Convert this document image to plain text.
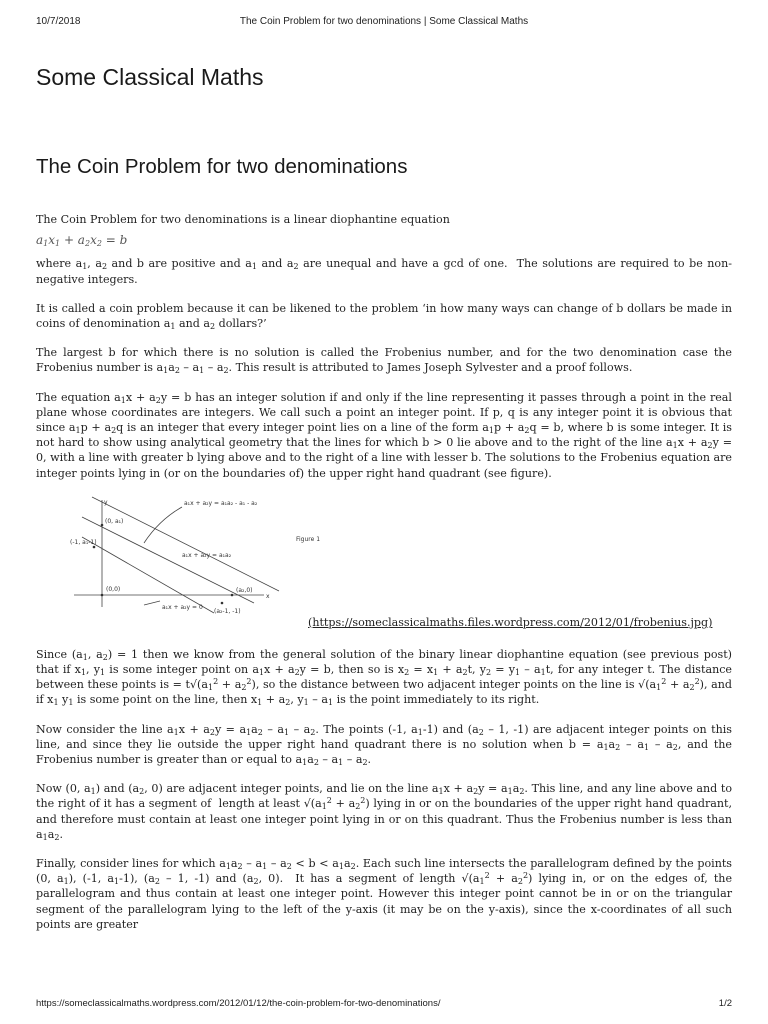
10/7/2018	The Coin Problem for two denominations | Some Classical Maths
Some Classical Maths
The Coin Problem for two denominations

The Coin Problem for two denominations is a linear diophantine equation

$a_1x_1 + a_2x_2 = b$

where $a_1$, $a_2$ and b are positive and $a_1$ and $a_2$ are unequal and have a gcd of one.  The solutions are required to be non-negative integers.

It is called a coin problem because it can be likened to the problem ‘in how many ways can change of b dollars be made in coins of denomination $a_1$ and $a_2$ dollars?’

The largest b for which there is no solution is called the Frobenius number, and for the two denomination case the Frobenius number is $a_1a_2 - a_1 - a_2$. This result is attributed to James Joseph Sylvester and a proof follows.

The equation $a_1x + a_2y = b$ has an integer solution if and only if the line representing it passes through a point in the real plane whose coordinates are integers. We call such a point an integer point. If p, q is any integer point it is obvious that since $a_1p + a_2q$ is an integer that every integer point lies on a line of the form $a_1p + a_2q = b$, where b is some integer. It is not hard to show using analytical geometry that the lines for which b > 0 lie above and to the right of the line $a_1x + a_2y = 0$, with a line with greater b lying above and to the right of a line with lesser b. The solutions to the Frobenius equation are integer points lying in (or on the boundaries of) the upper right hand quadrant (see figure).

y
x
a₁x + a₂y = a₁a₂ - a₁ - a₂
a₁x + a₂y = a₁a₂
a₁x + a₂y = 0
(0, a₁)
(-1, a₁-1)
(0,0)	(a₂,0)
(a₂-1, -1)
Figure 1
(https://someclassicalmaths.files.wordpress.com/2012/01/frobenius.jpg)

Since ($a_1$, $a_2) = 1$ then we know from the general solution of the binary linear diophantine equation (see previous post) that if $x_1$, $y_1$ is some integer point on $a_1x + a_2y = b$, then so is $x_2 = x_1 + a_2t$, $y_2 = y_1 - a_1t$, for any integer t. The distance between these points is = $t√(a_1^2 + a_2^2)$, so the distance between two adjacent integer points on the line is $√(a_1^2 + a_2^2)$, and if $x_1$ $y_1$ is some point on the line, then $x_1 + a_2$, $y_1 - a_1$ is the point immediately to its right.

Now consider the line $a_1x + a_2y = a_1a_2 - a_1 - a_2$. The points (-1, $a_1-1$) and ($a_2 - 1$, -1) are adjacent integer points on this line, and since they lie outside the upper right hand quadrant there is no solution when $b = a_1a_2 - a_1 - a_2$, and the Frobenius number is greater than or equal to $a_1a_2 - a_1 - a_2$.

Now (0, $a_1$) and ($a_2$, 0) are adjacent integer points, and lie on the line $a_1x + a_2y = a_1a_2$. This line, and any line above and to the right of it has a segment of  length at least $√(a_1^2 + a_2^2)$ lying in or on the boundaries of the upper right hand quadrant, and therefore must contain at least one integer point lying in or on this quadrant. Thus the Frobenius number is less than $a_1a_2$.

Finally, consider lines for which $a_1a_2 - a_1 - a_2 < b < a_1a_2$. Each such line intersects the parallelogram defined by the points (0, $a_1$), (-1, $a_1-1$), ($a_2 - 1$, -1) and ($a_2$, 0).  It has a segment of length $√(a_1^2 + a_2^2)$ lying in, or on the edges of, the parallelogram and thus contain at least one integer point. However this integer point cannot be in or on the triangular segment of the parallelogram lying to the left of the y-axis (it may be on the y-axis), since the x-coordinates of all such points are greater

https://someclassicalmaths.wordpress.com/2012/01/12/the-coin-problem-for-two-denominations/	1/2
